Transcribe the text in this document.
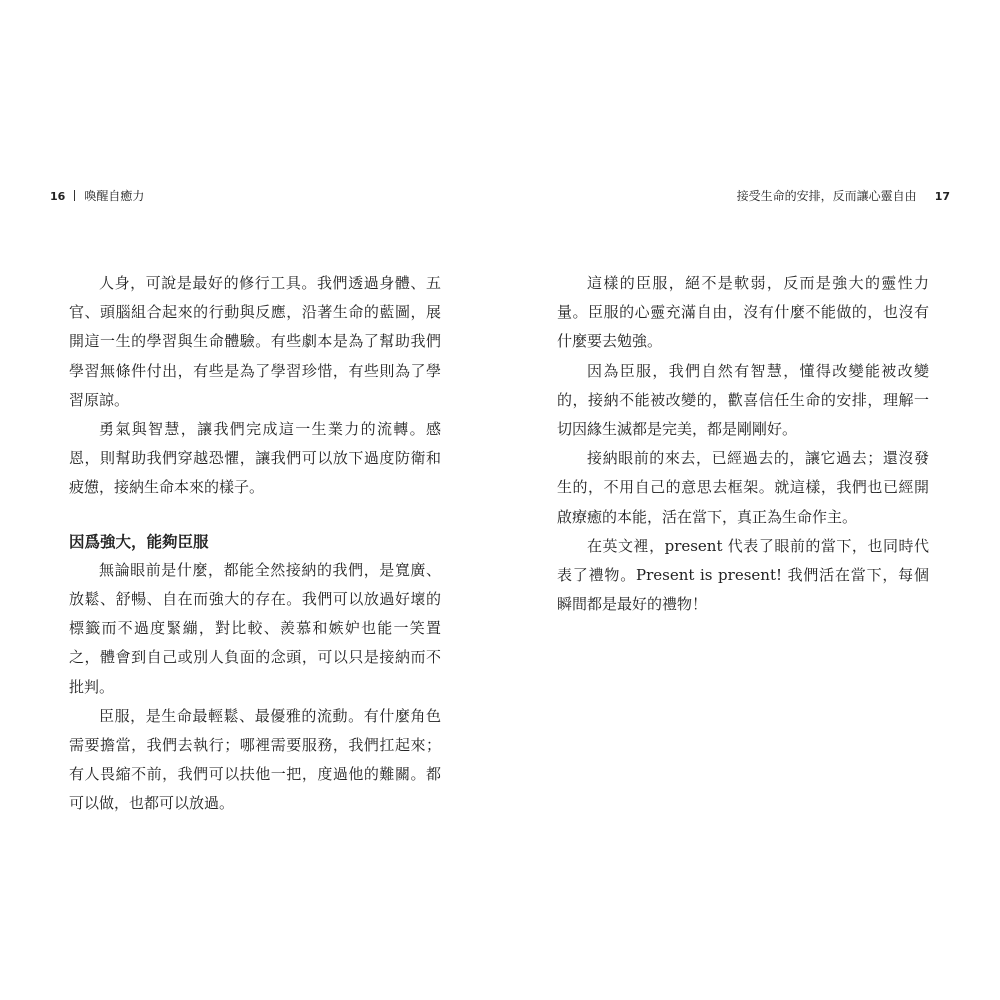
16 喚醒自癒力	接受生命的安排，反而讓心靈自由 17

人身，可說是最好的修行工具。我們透過身體、五官、頭腦組合起來的行動與反應，沿著生命的藍圖，展開這一生的學習與生命體驗。有些劇本是為了幫助我們學習無條件付出，有些是為了學習珍惜，有些則為了學習原諒。

勇氣與智慧，讓我們完成這一生業力的流轉。感恩，則幫助我們穿越恐懼，讓我們可以放下過度防衛和疲憊，接納生命本來的樣子。

因爲強大，能夠臣服

無論眼前是什麼，都能全然接納的我們，是寬廣、放鬆、舒暢、自在而強大的存在。我們可以放過好壞的標籤而不過度緊繃，對比較、羨慕和嫉妒也能一笑置之，體會到自己或別人負面的念頭，可以只是接納而不批判。

臣服，是生命最輕鬆、最優雅的流動。有什麼角色需要擔當，我們去執行；哪裡需要服務，我們扛起來；有人畏縮不前，我們可以扶他一把，度過他的難關。都可以做，也都可以放過。

這樣的臣服，絕不是軟弱，反而是強大的靈性力量。臣服的心靈充滿自由，沒有什麼不能做的，也沒有什麼要去勉強。

因為臣服，我們自然有智慧，懂得改變能被改變的，接納不能被改變的，歡喜信任生命的安排，理解一切因緣生滅都是完美，都是剛剛好。

接納眼前的來去，已經過去的，讓它過去；還沒發生的，不用自己的意思去框架。就這樣，我們也已經開啟療癒的本能，活在當下，真正為生命作主。

在英文裡，present 代表了眼前的當下，也同時代表了禮物。Present is present! 我們活在當下，每個瞬間都是最好的禮物！
